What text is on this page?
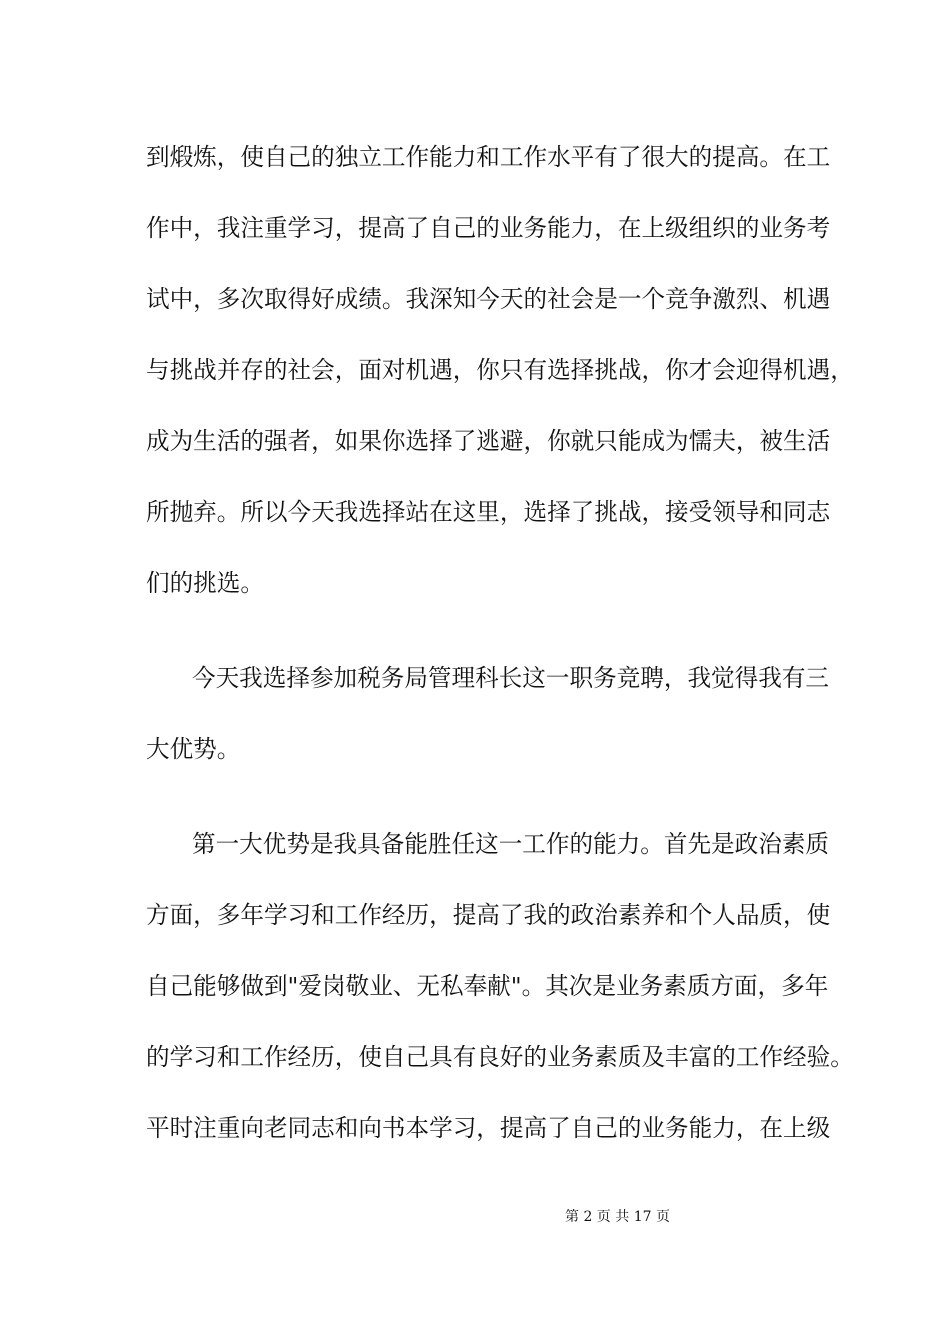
到煅炼，使自己的独立工作能力和工作水平有了很大的提高。在工
作中，我注重学习，提高了自己的业务能力，在上级组织的业务考
试中，多次取得好成绩。我深知今天的社会是一个竞争激烈、机遇
与挑战并存的社会，面对机遇，你只有选择挑战，你才会迎得机遇，
成为生活的强者，如果你选择了逃避，你就只能成为懦夫，被生活
所抛弃。所以今天我选择站在这里，选择了挑战，接受领导和同志
们的挑选。
今天我选择参加税务局管理科长这一职务竞聘，我觉得我有三
大优势。
第一大优势是我具备能胜任这一工作的能力。首先是政治素质
方面，多年学习和工作经历，提高了我的政治素养和个人品质，使
自己能够做到"爱岗敬业、无私奉献"。其次是业务素质方面，多年
的学习和工作经历，使自己具有良好的业务素质及丰富的工作经验。
平时注重向老同志和向书本学习，提高了自己的业务能力，在上级
第 2 页 共 17 页
